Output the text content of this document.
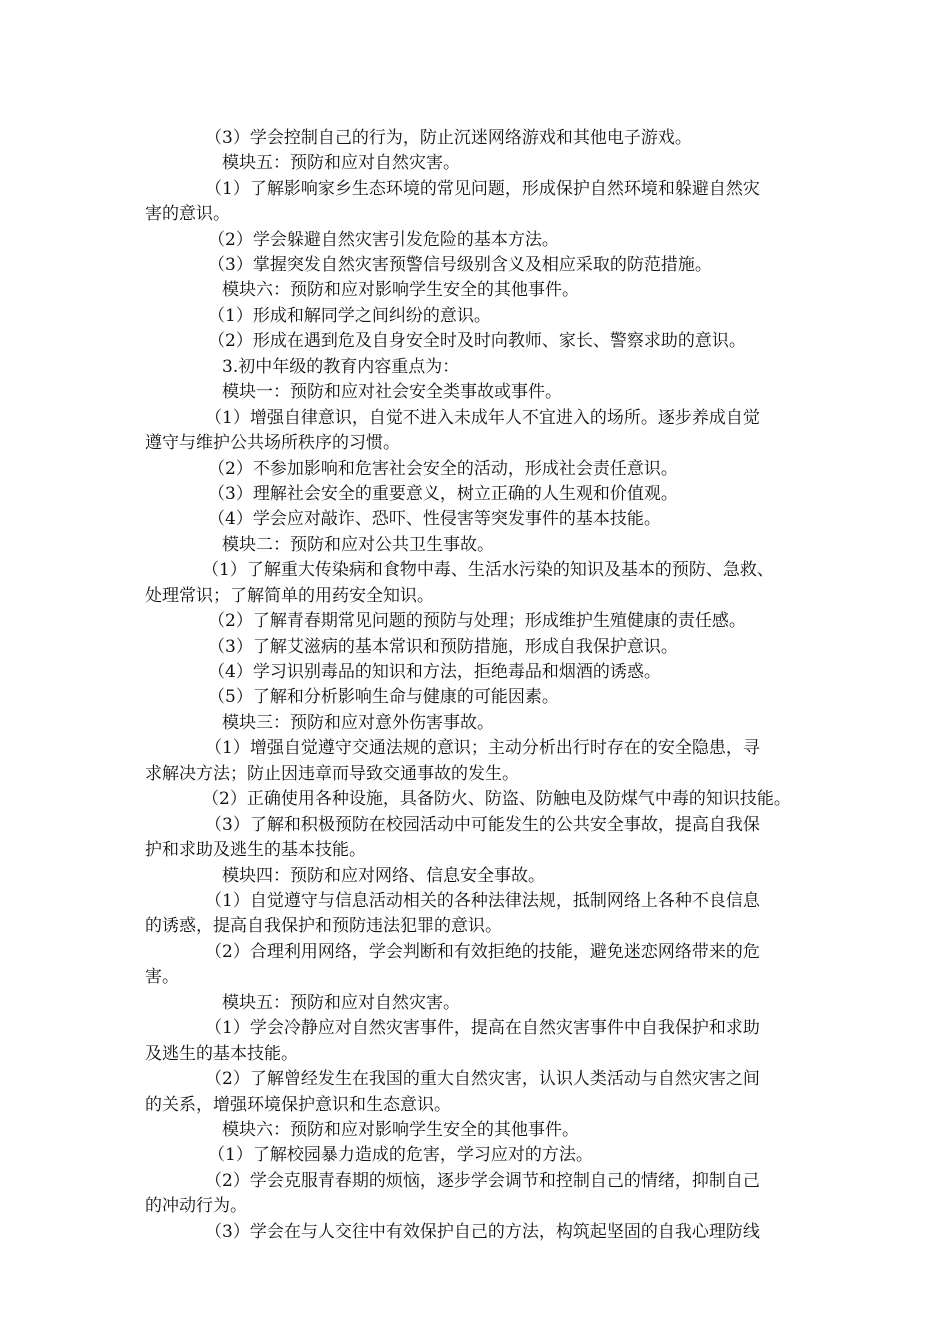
（3）学会控制自己的行为，防止沉迷网络游戏和其他电子游戏。
模块五：预防和应对自然灾害。
（1）了解影响家乡生态环境的常见问题，形成保护自然环境和躲避自然灾
害的意识。
（2）学会躲避自然灾害引发危险的基本方法。
（3）掌握突发自然灾害预警信号级别含义及相应采取的防范措施。
模块六：预防和应对影响学生安全的其他事件。
（1）形成和解同学之间纠纷的意识。
（2）形成在遇到危及自身安全时及时向教师、家长、警察求助的意识。
3.初中年级的教育内容重点为：
模块一：预防和应对社会安全类事故或事件。
（1）增强自律意识，自觉不进入未成年人不宜进入的场所。逐步养成自觉
遵守与维护公共场所秩序的习惯。
（2）不参加影响和危害社会安全的活动，形成社会责任意识。
（3）理解社会安全的重要意义，树立正确的人生观和价值观。
（4）学会应对敲诈、恐吓、性侵害等突发事件的基本技能。
模块二：预防和应对公共卫生事故。
（1）了解重大传染病和食物中毒、生活水污染的知识及基本的预防、急救、
处理常识；了解简单的用药安全知识。
（2）了解青春期常见问题的预防与处理；形成维护生殖健康的责任感。
（3）了解艾滋病的基本常识和预防措施，形成自我保护意识。
（4）学习识别毒品的知识和方法，拒绝毒品和烟酒的诱惑。
（5）了解和分析影响生命与健康的可能因素。
模块三：预防和应对意外伤害事故。
（1）增强自觉遵守交通法规的意识；主动分析出行时存在的安全隐患，寻
求解决方法；防止因违章而导致交通事故的发生。
（2）正确使用各种设施，具备防火、防盗、防触电及防煤气中毒的知识技能。
（3）了解和积极预防在校园活动中可能发生的公共安全事故，提高自我保
护和求助及逃生的基本技能。
模块四：预防和应对网络、信息安全事故。
（1）自觉遵守与信息活动相关的各种法律法规，抵制网络上各种不良信息
的诱惑，提高自我保护和预防违法犯罪的意识。
（2）合理利用网络，学会判断和有效拒绝的技能，避免迷恋网络带来的危
害。
模块五：预防和应对自然灾害。
（1）学会冷静应对自然灾害事件，提高在自然灾害事件中自我保护和求助
及逃生的基本技能。
（2）了解曾经发生在我国的重大自然灾害，认识人类活动与自然灾害之间
的关系，增强环境保护意识和生态意识。
模块六：预防和应对影响学生安全的其他事件。
（1）了解校园暴力造成的危害，学习应对的方法。
（2）学会克服青春期的烦恼，逐步学会调节和控制自己的情绪，抑制自己
的冲动行为。
（3）学会在与人交往中有效保护自己的方法，构筑起坚固的自我心理防线
